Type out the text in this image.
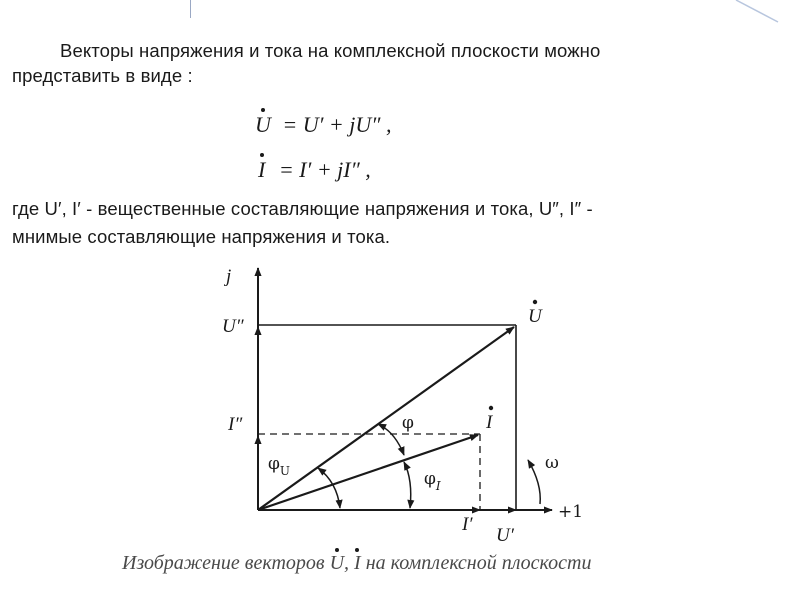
Векторы напряжения и тока на комплексной плоскости можно
представить в виде :
U = U′ + jU″ ,
I = I′ + jI″ ,
где U′, I′ - вещественные составляющие напряжения и тока, U″, I″ -
мнимые составляющие напряжения и тока.
j
+1
U″
I″
I′
U′
U
I
φ
$\varphi_U$	$\varphi_I$
ω
Изображение векторов U, I на комплексной плоскости
